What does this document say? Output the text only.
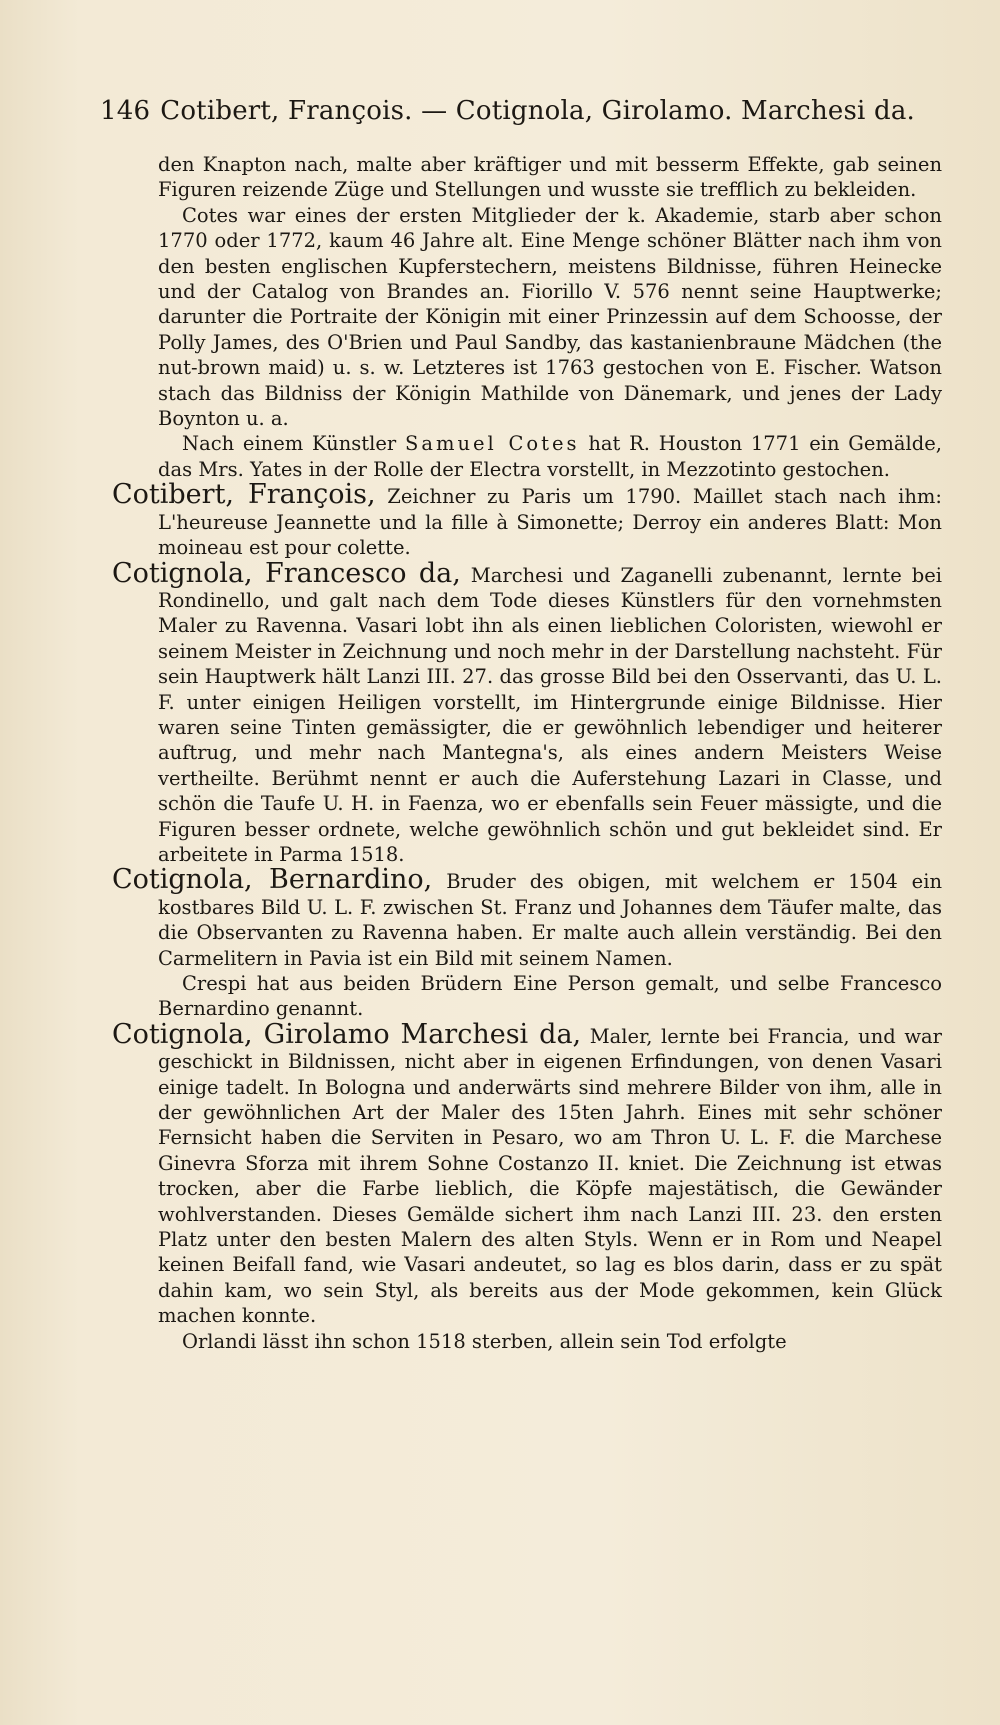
146 Cotibert, François. — Cotignola, Girolamo. Marchesi da.

den Knapton nach, malte aber kräftiger und mit besserm Effekte, gab seinen Figuren reizende Züge und Stellungen und wusste sie trefflich zu bekleiden.

Cotes war eines der ersten Mitglieder der k. Akademie, starb aber schon 1770 oder 1772, kaum 46 Jahre alt. Eine Menge schöner Blätter nach ihm von den besten englischen Kupferstechern, meistens Bildnisse, führen Heinecke und der Catalog von Brandes an. Fiorillo V. 576 nennt seine Hauptwerke; darunter die Portraite der Königin mit einer Prinzessin auf dem Schoosse, der Polly James, des O'Brien und Paul Sandby, das kastanienbraune Mädchen (the nut-brown maid) u. s. w. Letzteres ist 1763 gestochen von E. Fischer. Watson stach das Bildniss der Königin Mathilde von Dänemark, und jenes der Lady Boynton u. a.

Nach einem Künstler Samuel Cotes hat R. Houston 1771 ein Gemälde, das Mrs. Yates in der Rolle der Electra vorstellt, in Mezzotinto gestochen.

Cotibert, François, Zeichner zu Paris um 1790. Maillet stach nach ihm: L'heureuse Jeannette und la fille à Simonette; Derroy ein anderes Blatt: Mon moineau est pour colette.

Cotignola, Francesco da, Marchesi und Zaganelli zubenannt, lernte bei Rondinello, und galt nach dem Tode dieses Künstlers für den vornehmsten Maler zu Ravenna. Vasari lobt ihn als einen lieblichen Coloristen, wiewohl er seinem Meister in Zeichnung und noch mehr in der Darstellung nachsteht. Für sein Hauptwerk hält Lanzi III. 27. das grosse Bild bei den Osservanti, das U. L. F. unter einigen Heiligen vorstellt, im Hintergrunde einige Bildnisse. Hier waren seine Tinten gemässigter, die er gewöhnlich lebendiger und heiterer auftrug, und mehr nach Mantegna's, als eines andern Meisters Weise vertheilte. Berühmt nennt er auch die Auferstehung Lazari in Classe, und schön die Taufe U. H. in Faenza, wo er ebenfalls sein Feuer mässigte, und die Figuren besser ordnete, welche gewöhnlich schön und gut bekleidet sind. Er arbeitete in Parma 1518.

Cotignola, Bernardino, Bruder des obigen, mit welchem er 1504 ein kostbares Bild U. L. F. zwischen St. Franz und Johannes dem Täufer malte, das die Observanten zu Ravenna haben. Er malte auch allein verständig. Bei den Carmelitern in Pavia ist ein Bild mit seinem Namen.

Crespi hat aus beiden Brüdern Eine Person gemalt, und selbe Francesco Bernardino genannt.

Cotignola, Girolamo Marchesi da, Maler, lernte bei Francia, und war geschickt in Bildnissen, nicht aber in eigenen Erfindungen, von denen Vasari einige tadelt. In Bologna und anderwärts sind mehrere Bilder von ihm, alle in der gewöhnlichen Art der Maler des 15ten Jahrh. Eines mit sehr schöner Fernsicht haben die Serviten in Pesaro, wo am Thron U. L. F. die Marchese Ginevra Sforza mit ihrem Sohne Costanzo II. kniet. Die Zeichnung ist etwas trocken, aber die Farbe lieblich, die Köpfe majestätisch, die Gewänder wohlverstanden. Dieses Gemälde sichert ihm nach Lanzi III. 23. den ersten Platz unter den besten Malern des alten Styls. Wenn er in Rom und Neapel keinen Beifall fand, wie Vasari andeutet, so lag es blos darin, dass er zu spät dahin kam, wo sein Styl, als bereits aus der Mode gekommen, kein Glück machen konnte.

Orlandi lässt ihn schon 1518 sterben, allein sein Tod erfolgte
